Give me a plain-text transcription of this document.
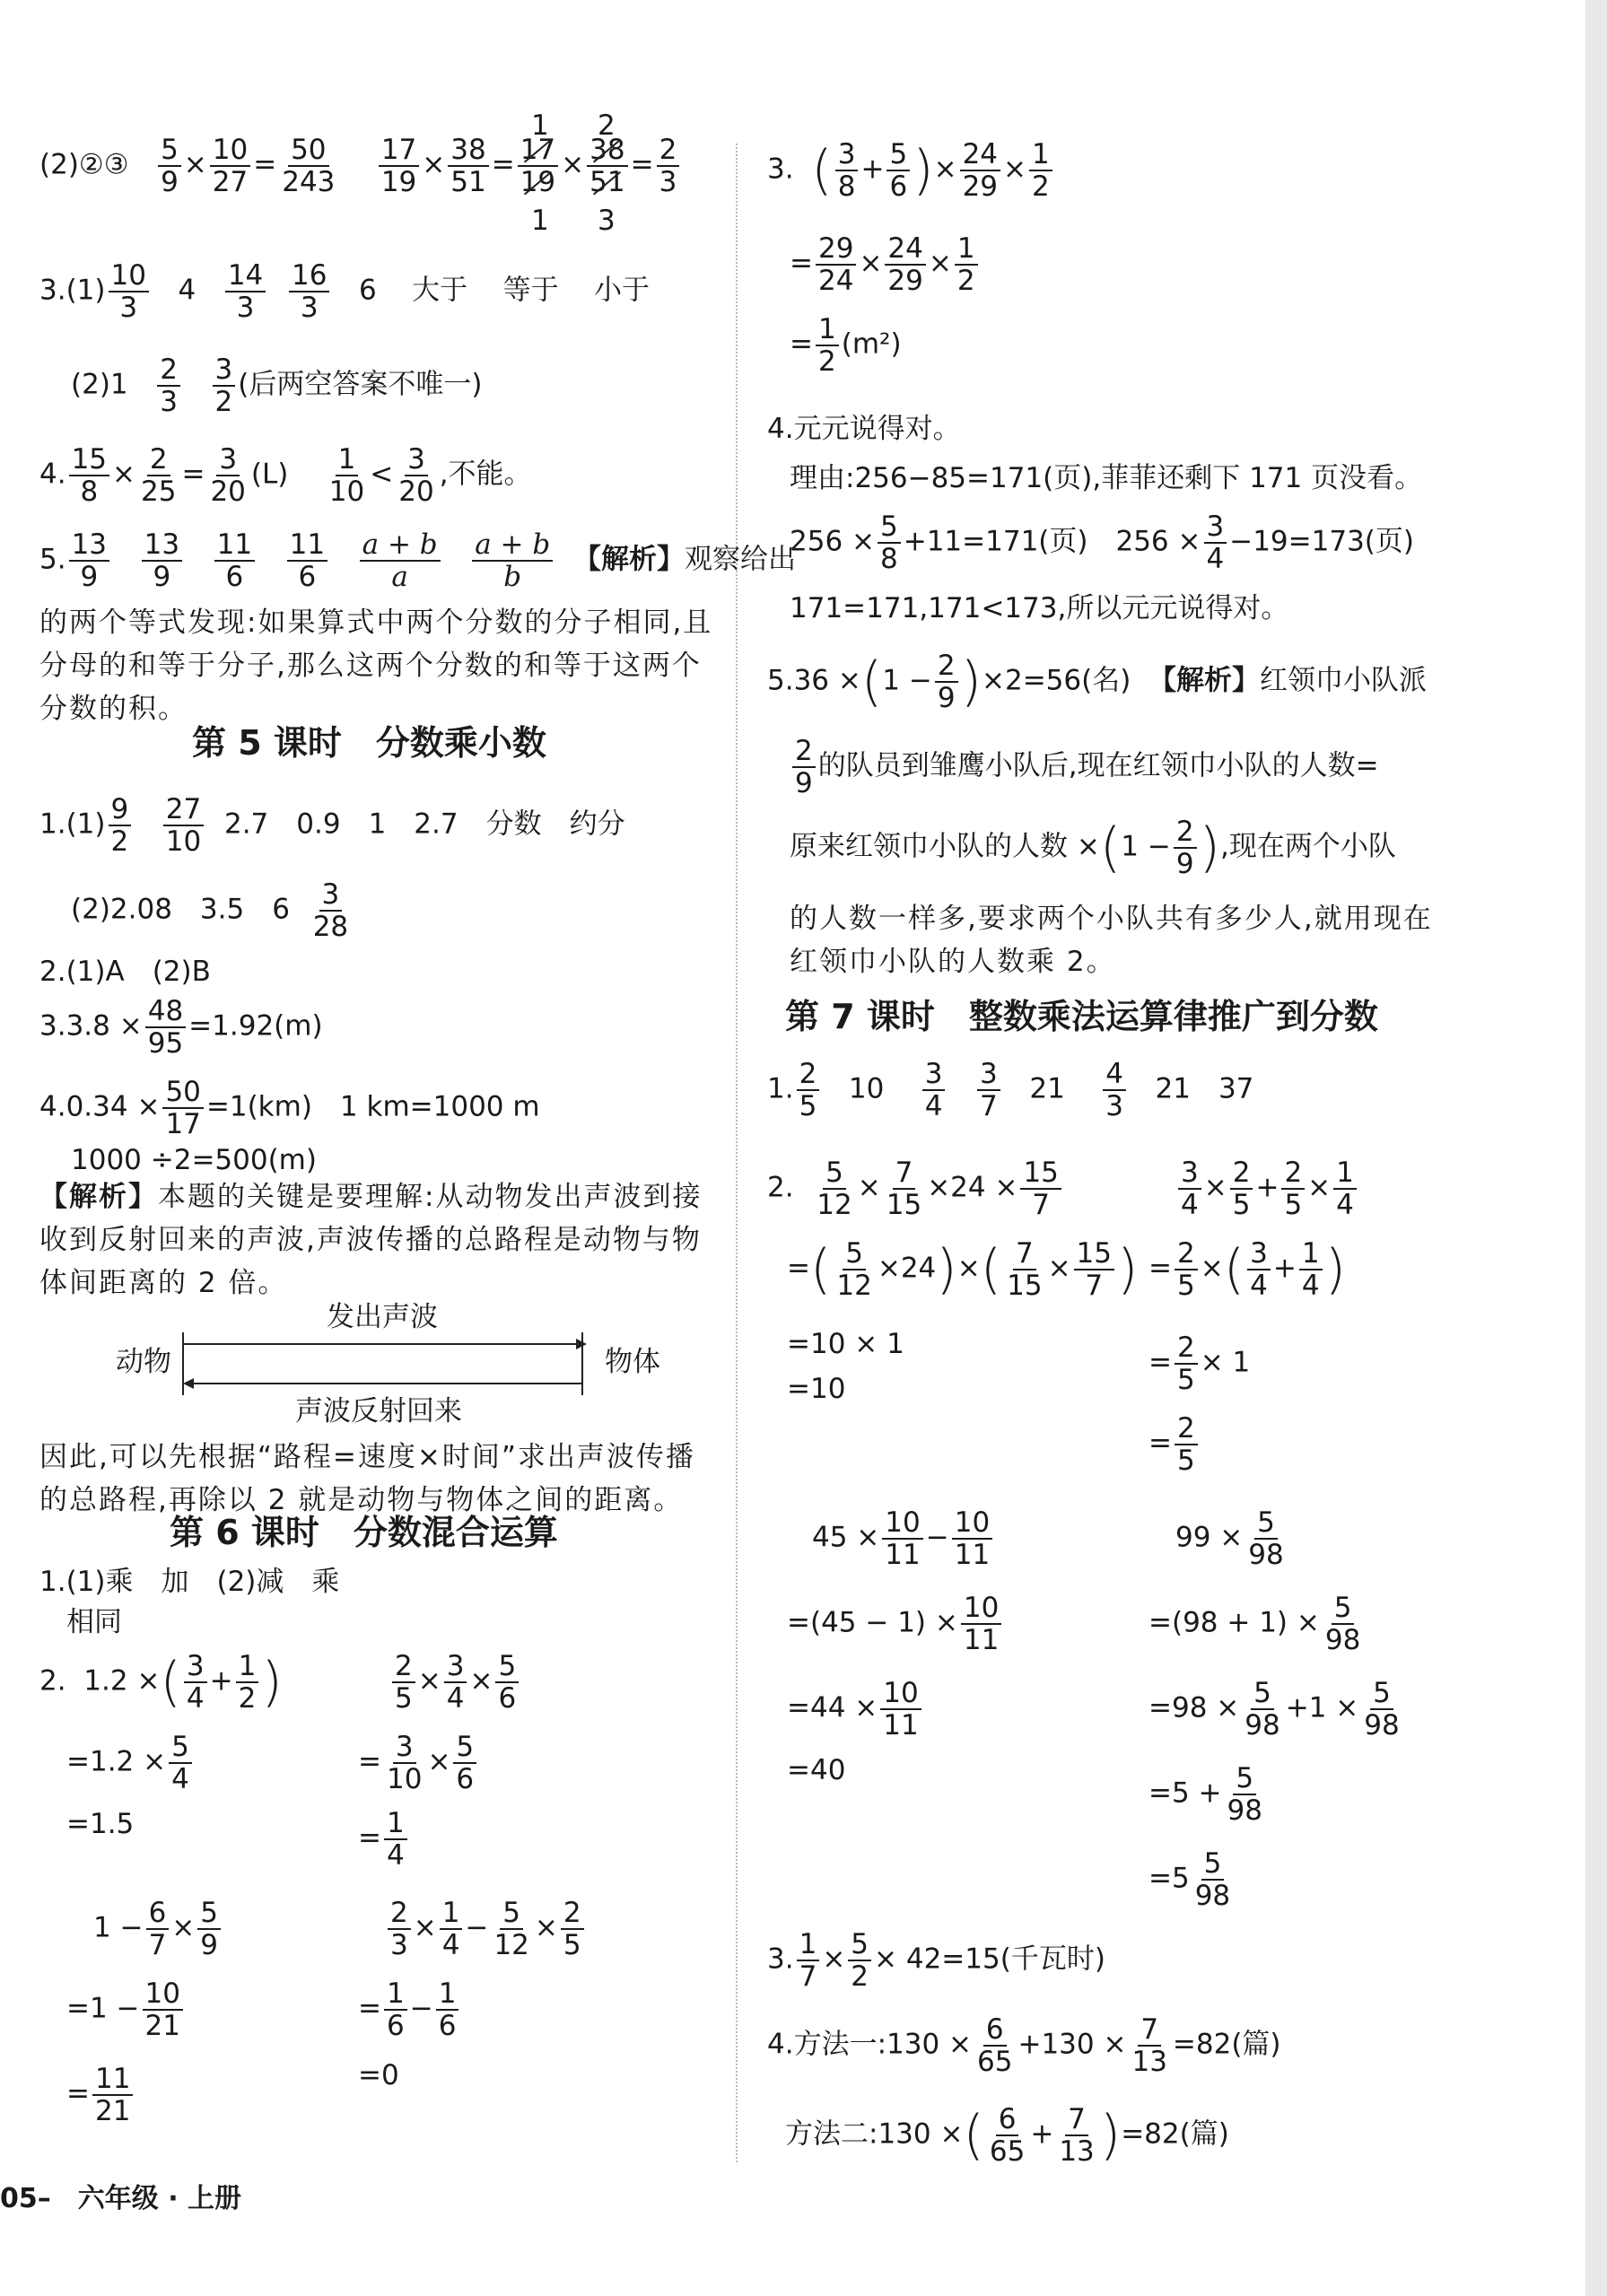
(2)②③ $\frac{5}{9} \times \frac{10}{27} = \frac{50}{243}$
$\frac{17}{19} \times \frac{38}{51} = \frac{17}{19} \times \frac{38}{51} = \frac{2}{3}$
1 2
1 3
$3.(1) \frac{10}{3} 4 \frac{14}{3}$
$\frac{16}{3} 6$ 大于 等于 小于
$(2)1 \frac{2}{3}$
$\frac{3}{2}$ (后两空答案不唯一)
4. $\frac{15}{8} \times \frac{2}{25} = \frac{3}{20} (L) \frac{1}{10} < \frac{3}{20}$ ,不能。
5. $\frac{13}{9}$
$\frac{13}{9}$
$\frac{11}{6}$
$\frac{11}{6}$
$\frac{a + b}{a}$
$\frac{a + b}{b}$ 【解析】观察给出
的两个等式发现:如果算式中两个分数的分子相同,且分母的和等于分子,那么这两个分数的和等于这两个分数的积。
第 5 课时　分数乘小数
$1.(1) \frac{9}{2}$
$\frac{27}{10} 2.7$　0.9　1　2.7　分数　约分
(2)2.08　3.5　$6 \frac{3}{28}$
2.(1)A　(2)B
$3.3.8 \times \frac{48}{95} =1.92(m)$
$4.0.34 \times \frac{50}{17} =1(km)$　1 km=1000 m
1000 ÷2=500(m)
【解析】本题的关键是要理解:从动物发出声波到接收到反射回来的声波,声波传播的总路程是动物与物体间距离的 2 倍。
发出声波
动物	物体
声波反射回来
因此,可以先根据“路程=速度×时间”求出声波传播的总路程,再除以 2 就是动物与物体之间的距离。
第 6 课时　分数混合运算
1.(1)乘　加　(2)减　乘
相同
2. 1.2 ×( $\frac{3}{4} + \frac{1}{2}$ )
$=1.2 \times \frac{5}{4}$
=1.5
$\frac{2}{5} \times \frac{3}{4} \times \frac{5}{6}$
= $\frac{3}{10} \times \frac{5}{6}$
= $\frac{1}{4}$
$1 - \frac{6}{7} \times \frac{5}{9}$
$=1 - \frac{10}{21}$
= $\frac{11}{21}$
$\frac{2}{3} \times \frac{1}{4} - \frac{5}{12} \times \frac{2}{5}$
= $\frac{1}{6} - \frac{1}{6}$
=0
3. ( $\frac{3}{8} + \frac{5}{6}$ )× $\frac{24}{29} \times \frac{1}{2}$
= $\frac{29}{24} \times \frac{24}{29} \times \frac{1}{2}$
= $\frac{1}{2} (m^2)$
4.元元说得对。
理由:256−85=171(页),菲菲还剩下 171 页没看。
$256 \times \frac{5}{8} +11=171$(页)　$256 \times \frac{3}{4} -19=173$(页)
171=171,171<173,所以元元说得对。
$5.36 \times(1 - \frac{2}{9} )\times 2=56$(名) 【解析】红领巾小队派
$\frac{2}{9}$ 的队员到雏鹰小队后,现在红领巾小队的人数=
原来红领巾小队的人数 $\times(1 - \frac{2}{9}$ ),现在两个小队
的人数一样多,要求两个小队共有多少人,就用现在红领巾小队的人数乘 2。
第 7 课时　整数乘法运算律推广到分数
1. $\frac{2}{5} 10 \frac{3}{4}$
$\frac{3}{7} 21 \frac{4}{3} 21$　37
2. $\frac{5}{12} \times \frac{7}{15} \times 24 \times \frac{15}{7}$
=( $\frac{5}{12} \times 24)\times( \frac{7}{15} \times \frac{15}{7}$ )
=10 × 1
=10
$\frac{3}{4} \times \frac{2}{5} + \frac{2}{5} \times \frac{1}{4}$
= $\frac{2}{5}$ ×( $\frac{3}{4} + \frac{1}{4}$ )
= $\frac{2}{5} \times 1$
= $\frac{2}{5}$
$45 \times \frac{10}{11} - \frac{10}{11}$
$=(45 - 1) \times \frac{10}{11}$
$=44 \times \frac{10}{11}$
=40
$99 \times \frac{5}{98}$
$=(98 + 1) \times \frac{5}{98}$
$=98 \times \frac{5}{98} +1 \times \frac{5}{98}$
$=5 + \frac{5}{98}$
$=5 \frac{5}{98}$
3. $\frac{1}{7} \times \frac{5}{2} \times 42=15$(千瓦时)
4.方法一:130 × $\frac{6}{65} +130 \times \frac{7}{13} =82$(篇)
方法二:130 ×( $\frac{6}{65} + \frac{7}{13} )=82$(篇)
05–　六年级 · 上册
